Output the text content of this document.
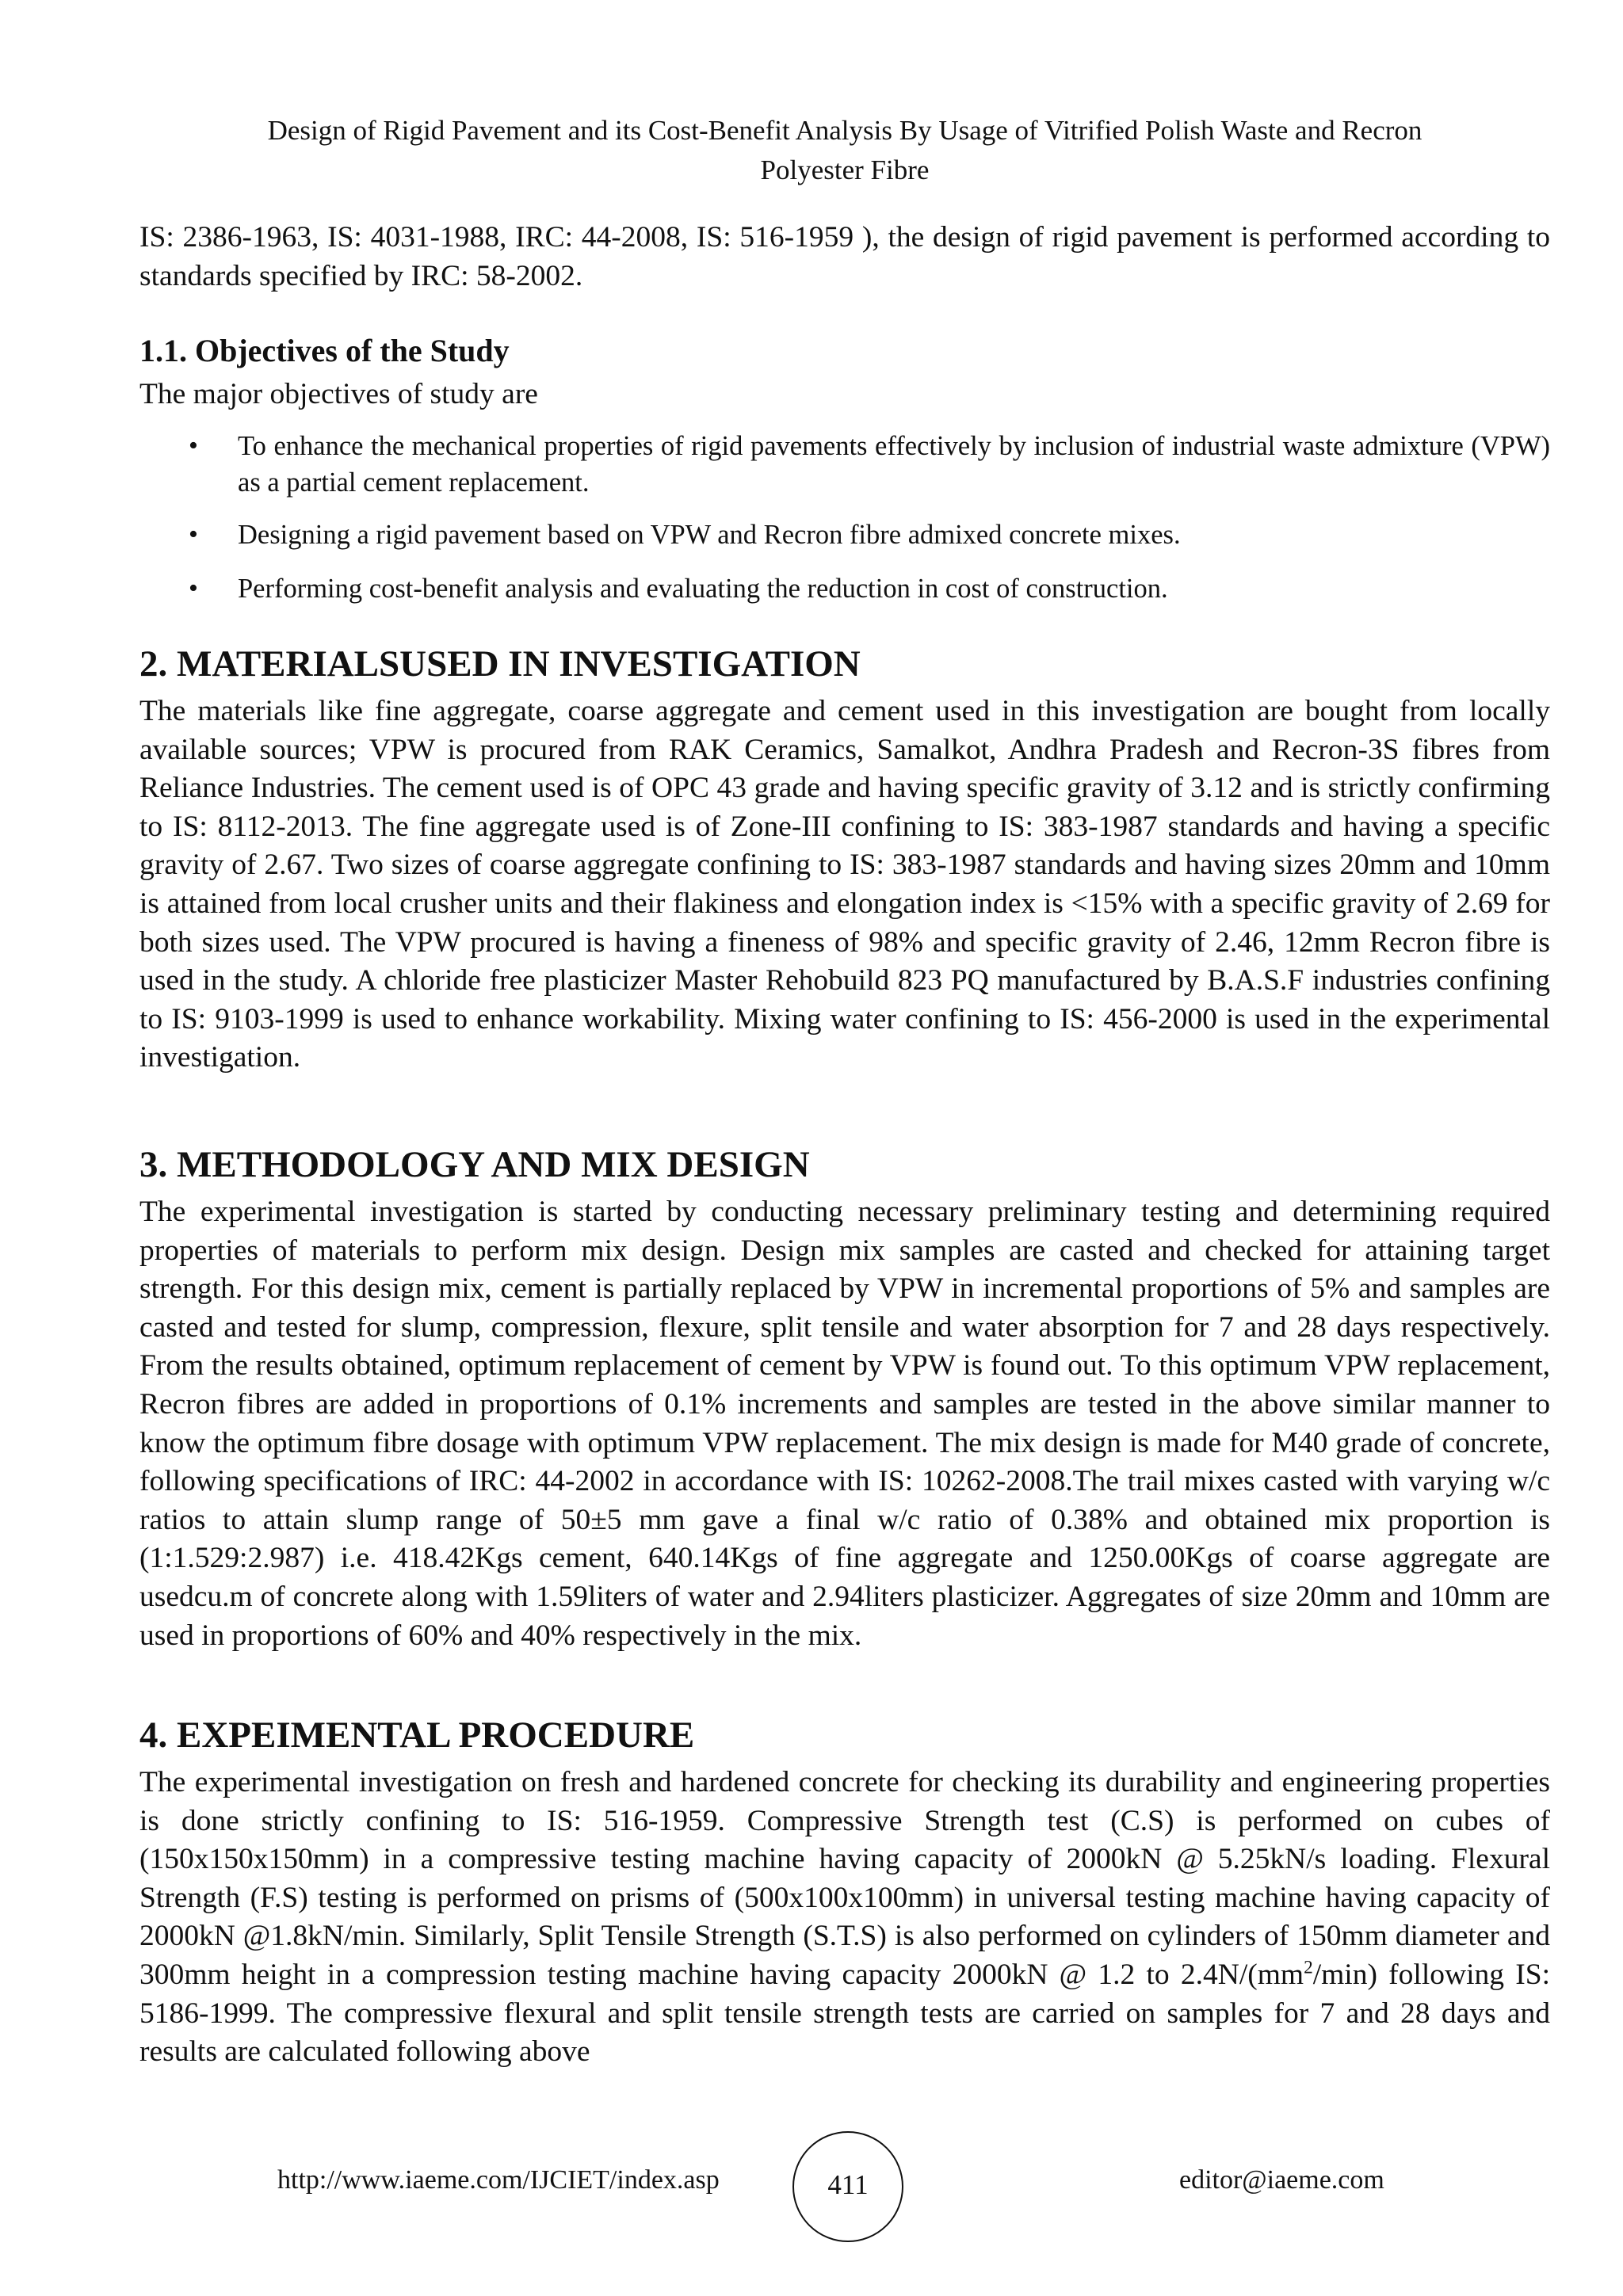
Design of Rigid Pavement and its Cost-Benefit Analysis By Usage of Vitrified Polish Waste and Recron
Polyester Fibre

IS: 2386-1963, IS: 4031-1988, IRC: 44-2008, IS: 516-1959 ), the design of rigid pavement is performed according to standards specified by IRC: 58-2002.

1.1. Objectives of the Study

The major objectives of study are

• To enhance the mechanical properties of rigid pavements effectively by inclusion of industrial waste admixture (VPW) as a partial cement replacement.
• Designing a rigid pavement based on VPW and Recron fibre admixed concrete mixes.
• Performing cost-benefit analysis and evaluating the reduction in cost of construction.
2. MATERIALSUSED IN INVESTIGATION

The materials like fine aggregate, coarse aggregate and cement used in this investigation are bought from locally available sources; VPW is procured from RAK Ceramics, Samalkot, Andhra Pradesh and Recron-3S fibres from Reliance Industries. The cement used is of OPC 43 grade and having specific gravity of 3.12 and is strictly confirming to IS: 8112-2013. The fine aggregate used is of Zone-III confining to IS: 383-1987 standards and having a specific gravity of 2.67. Two sizes of coarse aggregate confining to IS: 383-1987 standards and having sizes 20mm and 10mm is attained from local crusher units and their flakiness and elongation index is <15% with a specific gravity of 2.69 for both sizes used. The VPW procured is having a fineness of 98% and specific gravity of 2.46, 12mm Recron fibre is used in the study. A chloride free plasticizer Master Rehobuild 823 PQ manufactured by B.A.S.F industries confining to IS: 9103-1999 is used to enhance workability. Mixing water confining to IS: 456-2000 is used in the experimental investigation.

3. METHODOLOGY AND MIX DESIGN

The experimental investigation is started by conducting necessary preliminary testing and determining required properties of materials to perform mix design. Design mix samples are casted and checked for attaining target strength. For this design mix, cement is partially replaced by VPW in incremental proportions of 5% and samples are casted and tested for slump, compression, flexure, split tensile and water absorption for 7 and 28 days respectively. From the results obtained, optimum replacement of cement by VPW is found out. To this optimum VPW replacement, Recron fibres are added in proportions of 0.1% increments and samples are tested in the above similar manner to know the optimum fibre dosage with optimum VPW replacement. The mix design is made for M40 grade of concrete, following specifications of IRC: 44-2002 in accordance with IS: 10262-2008.The trail mixes casted with varying w/c ratios to attain slump range of 50±5 mm gave a final w/c ratio of 0.38% and obtained mix proportion is (1:1.529:2.987) i.e. 418.42Kgs cement, 640.14Kgs of fine aggregate and 1250.00Kgs of coarse aggregate are usedcu.m of concrete along with 1.59liters of water and 2.94liters plasticizer. Aggregates of size 20mm and 10mm are used in proportions of 60% and 40% respectively in the mix.

4. EXPEIMENTAL PROCEDURE

The experimental investigation on fresh and hardened concrete for checking its durability and engineering properties is done strictly confining to IS: 516-1959. Compressive Strength test (C.S) is performed on cubes of (150x150x150mm) in a compressive testing machine having capacity of 2000kN @ 5.25kN/s loading. Flexural Strength (F.S) testing is performed on prisms of (500x100x100mm) in universal testing machine having capacity of 2000kN @1.8kN/min. Similarly, Split Tensile Strength (S.T.S) is also performed on cylinders of 150mm diameter and 300mm height in a compression testing machine having capacity 2000kN @ 1.2 to $2.4N/(mm^2/\min)$ following IS: 5186-1999. The compressive flexural and split tensile strength tests are carried on samples for 7 and 28 days and results are calculated following above

http://www.iaeme.com/IJCIET/index.asp	411	editor@iaeme.com
